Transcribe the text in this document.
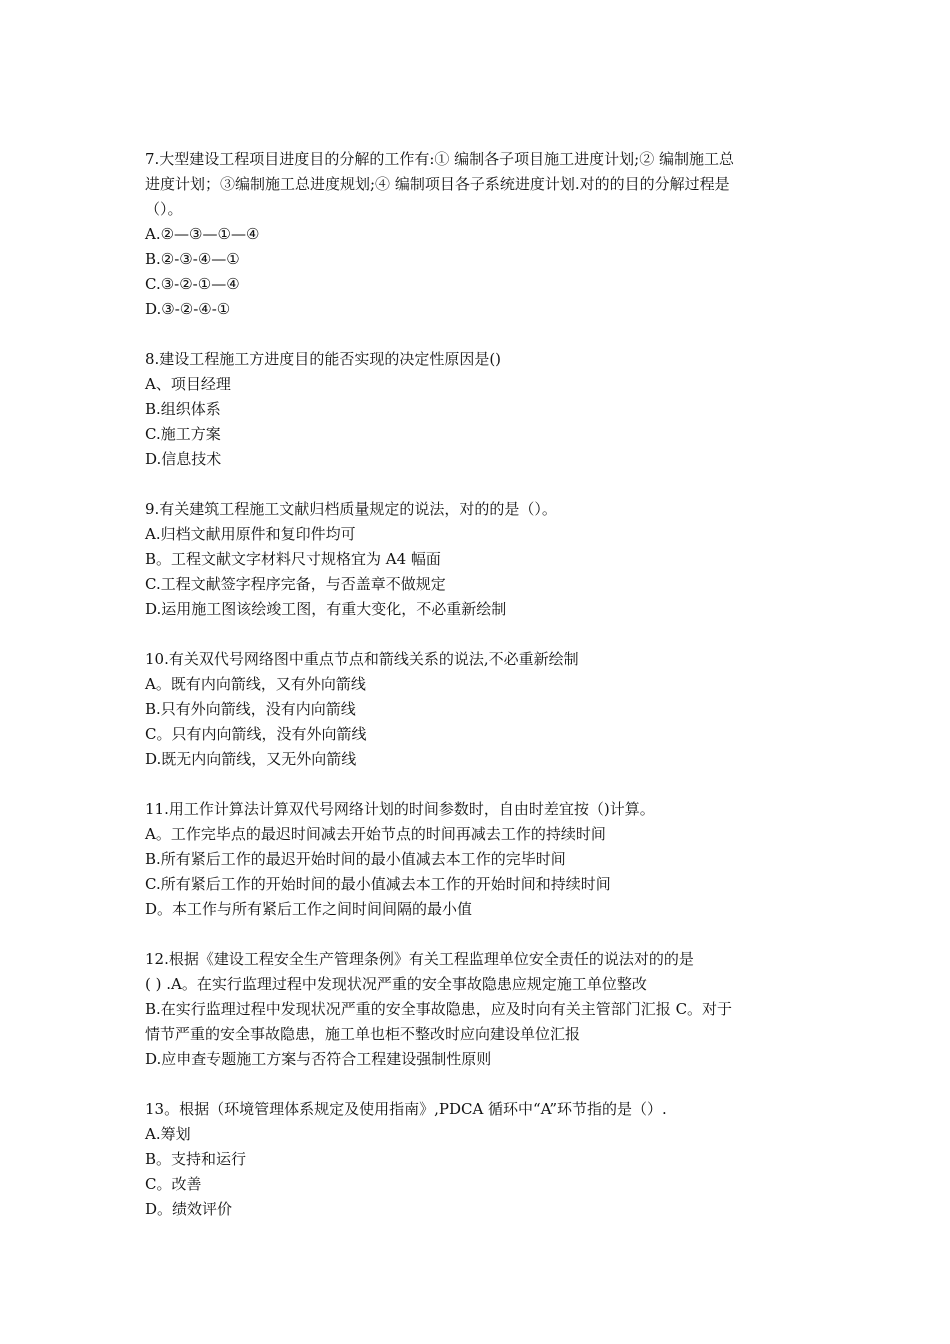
7.大型建设工程项目进度目的分解的工作有:① 编制各子项目施工进度计划;② 编制施工总
进度计划；③编制施工总进度规划;④ 编制项目各子系统进度计划.对的的目的分解过程是
（）。
A.②—③—①—④
B.②-③-④—①
C.③-②-①—④
D.③-②-④-①
8.建设工程施工方进度目的能否实现的决定性原因是()
A、项目经理
B.组织体系
C.施工方案
D.信息技术
9.有关建筑工程施工文献归档质量规定的说法，对的的是（）。
A.归档文献用原件和复印件均可
B。工程文献文字材料尺寸规格宜为 A4 幅面
C.工程文献签字程序完备，与否盖章不做规定
D.运用施工图该绘竣工图，有重大变化，不必重新绘制
10.有关双代号网络图中重点节点和箭线关系的说法,不必重新绘制
A。既有内向箭线，又有外向箭线
B.只有外向箭线，没有内向箭线
C。只有内向箭线，没有外向箭线
D.既无内向箭线，又无外向箭线
11.用工作计算法计算双代号网络计划的时间参数时，自由时差宜按（)计算。
A。工作完毕点的最迟时间减去开始节点的时间再减去工作的持续时间
B.所有紧后工作的最迟开始时间的最小值减去本工作的完毕时间
C.所有紧后工作的开始时间的最小值减去本工作的开始时间和持续时间
D。本工作与所有紧后工作之间时间间隔的最小值
12.根据《建设工程安全生产管理条例》有关工程监理单位安全责任的说法对的的是
( ) .A。在实行监理过程中发现状况严重的安全事故隐患应规定施工单位整改
B.在实行监理过程中发现状况严重的安全事故隐患，应及时向有关主管部门汇报 C。对于
情节严重的安全事故隐患，施工单也柜不整改时应向建设单位汇报
D.应申查专题施工方案与否符合工程建设强制性原则
13。根据（环境管理体系规定及使用指南》,PDCA 循环中“A”环节指的是（）.
A.筹划
B。支持和运行
C。改善
D。绩效评价
